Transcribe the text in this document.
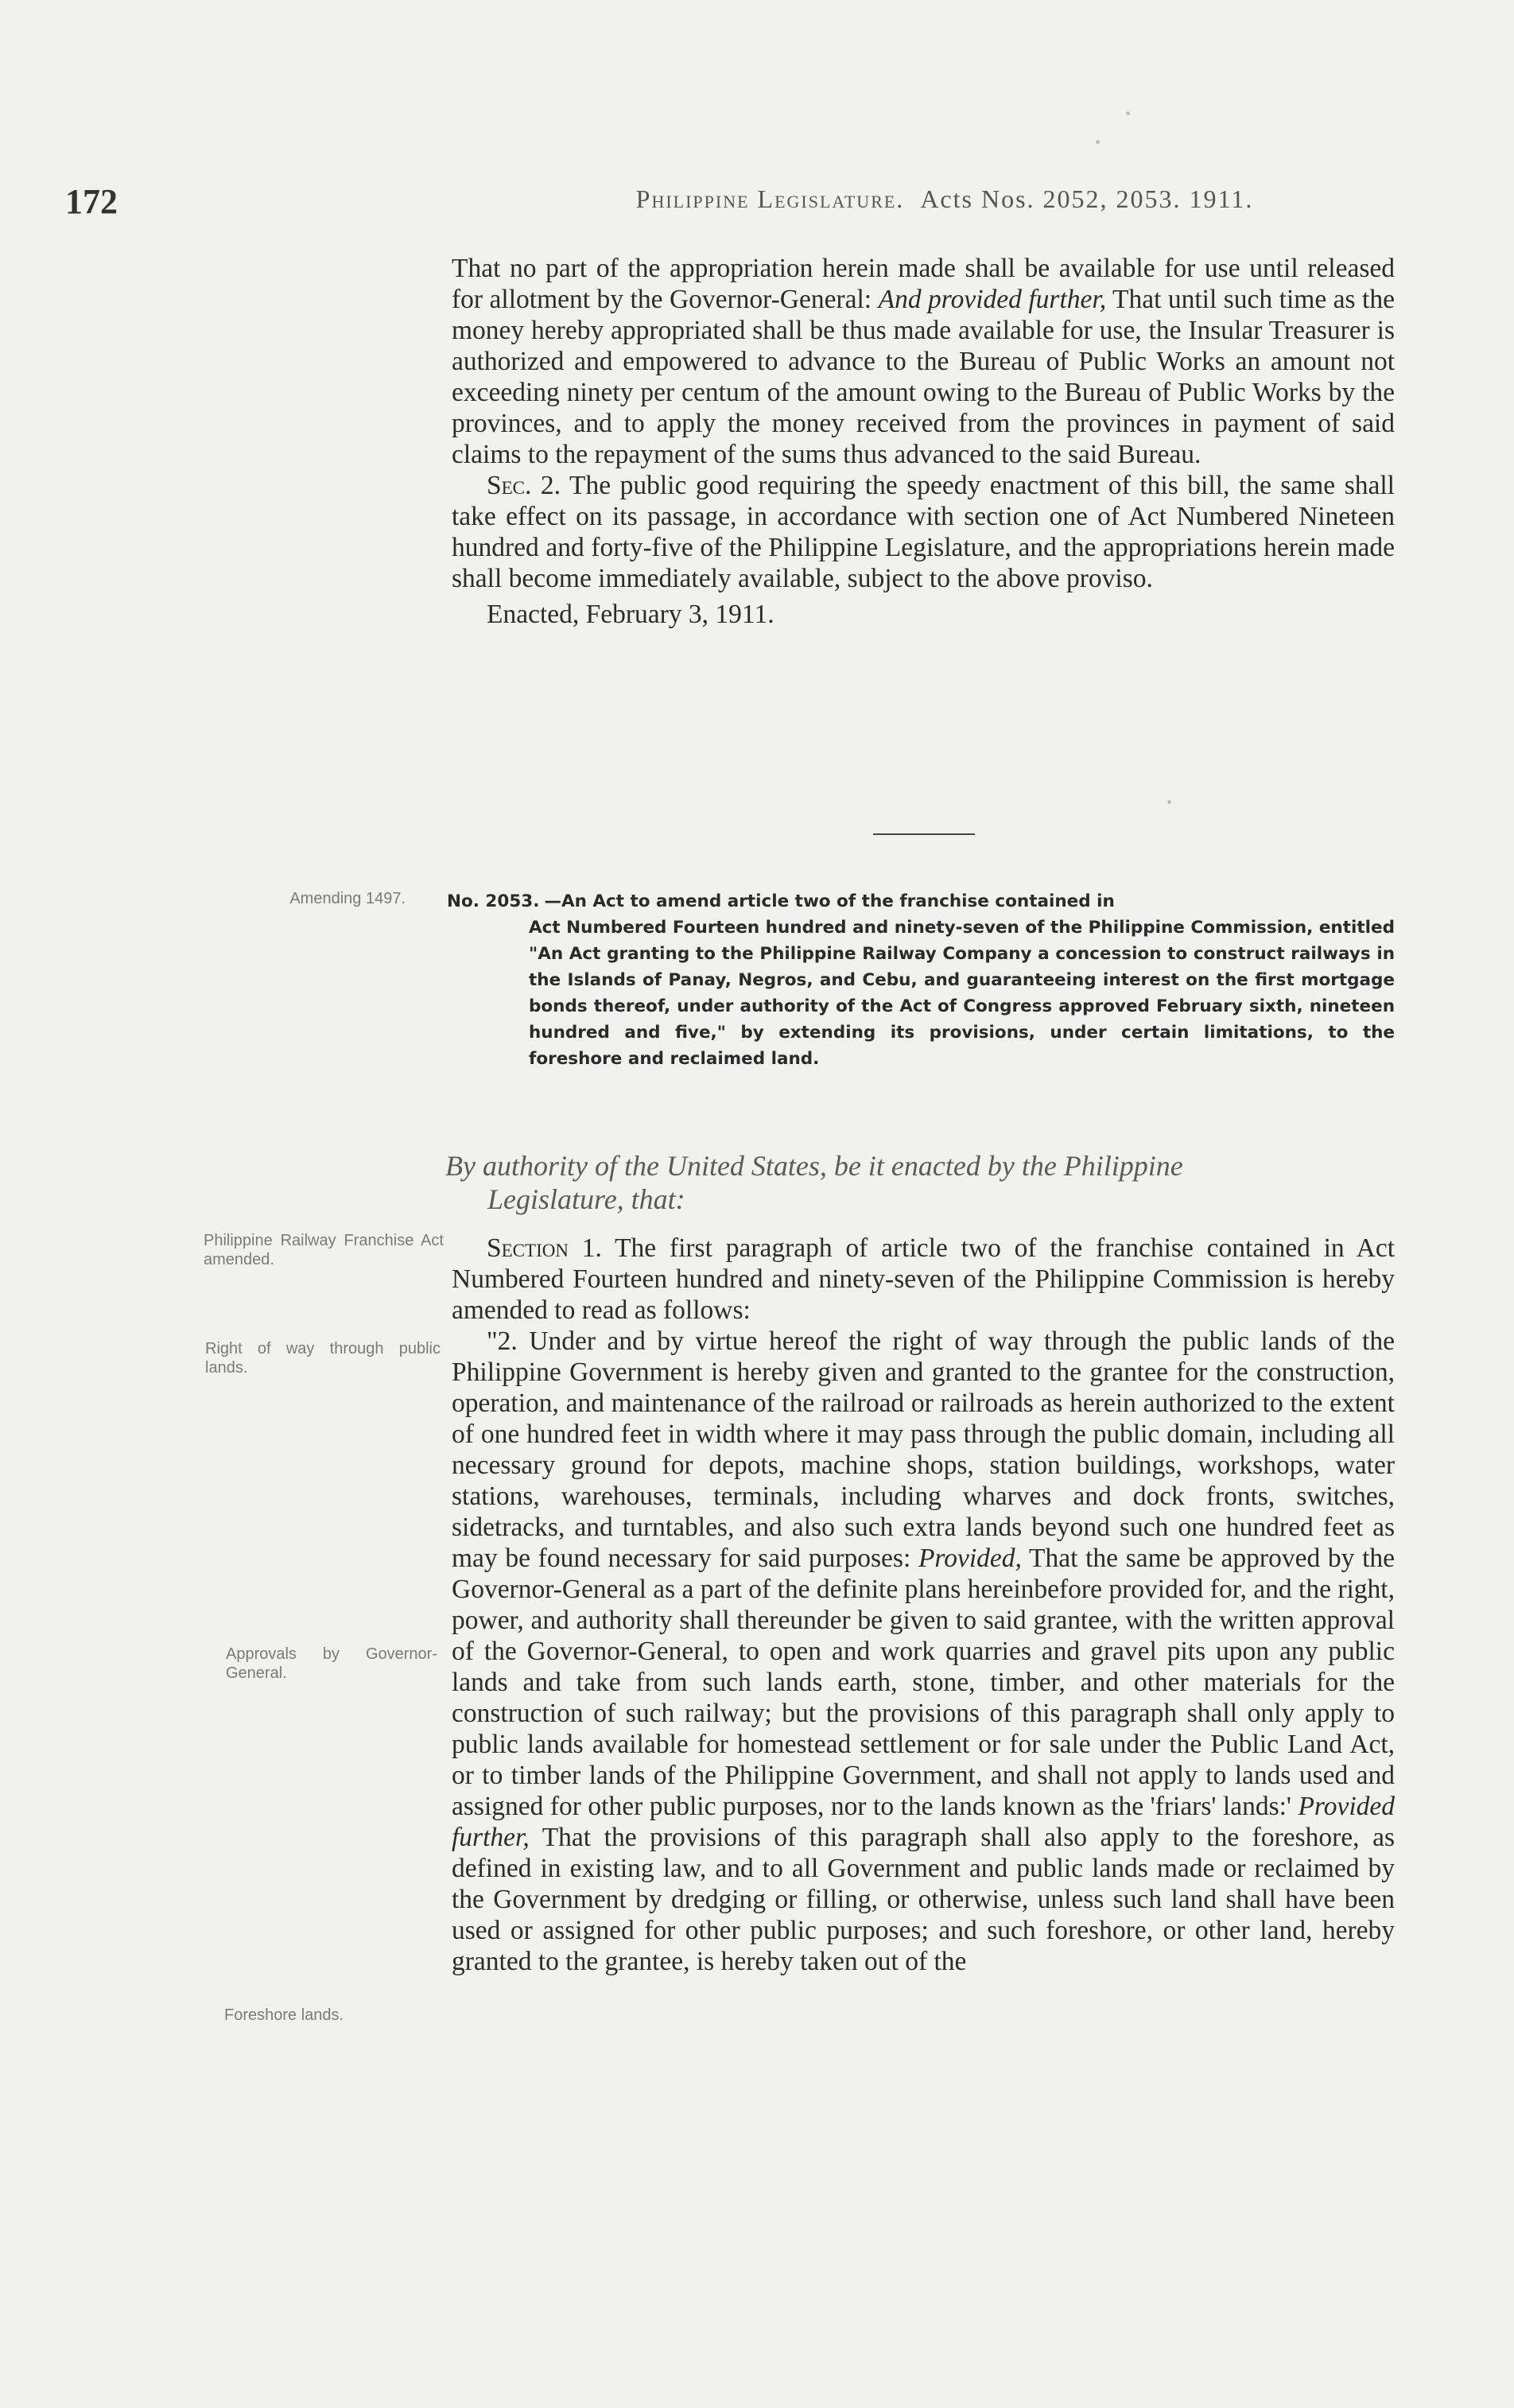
172	Philippine Legislature. Acts Nos. 2052, 2053. 1911.

That no part of the appropriation herein made shall be available for use until released for allotment by the Governor-General: And provided further, That until such time as the money hereby appropriated shall be thus made available for use, the Insular Treasurer is authorized and empowered to advance to the Bureau of Public Works an amount not exceeding ninety per centum of the amount owing to the Bureau of Public Works by the provinces, and to apply the money received from the provinces in payment of said claims to the repayment of the sums thus advanced to the said Bureau.

Sec. 2. The public good requiring the speedy enactment of this bill, the same shall take effect on its passage, in accordance with section one of Act Numbered Nineteen hundred and forty-five of the Philippine Legislature, and the appropriations herein made shall become immediately available, subject to the above proviso.

Enacted, February 3, 1911.

Amending 1497. No. 2053. —An Act to amend article two of the franchise contained in
Act Numbered Fourteen hundred and ninety-seven of the Philippine Commission, entitled "An Act granting to the Philippine Railway Company a concession to construct railways in the Islands of Panay, Negros, and Cebu, and guaranteeing interest on the first mortgage bonds thereof, under authority of the Act of Congress approved February sixth, nineteen hundred and five," by extending its provisions, under certain limitations, to the foreshore and reclaimed land.
By authority of the United States, be it enacted by the Philippine
Legislature, that:
Philippine Railway Franchise Act amended.
Right of way through public lands.
Approvals by Governor-General.
Foreshore lands.

Section 1. The first paragraph of article two of the franchise contained in Act Numbered Fourteen hundred and ninety-seven of the Philippine Commission is hereby amended to read as follows:

"2. Under and by virtue hereof the right of way through the public lands of the Philippine Government is hereby given and granted to the grantee for the construction, operation, and maintenance of the railroad or railroads as herein authorized to the extent of one hundred feet in width where it may pass through the public domain, including all necessary ground for depots, machine shops, station buildings, workshops, water stations, warehouses, terminals, including wharves and dock fronts, switches, sidetracks, and turntables, and also such extra lands beyond such one hundred feet as may be found necessary for said purposes: Provided, That the same be approved by the Governor-General as a part of the definite plans hereinbefore provided for, and the right, power, and authority shall thereunder be given to said grantee, with the written approval of the Governor-General, to open and work quarries and gravel pits upon any public lands and take from such lands earth, stone, timber, and other materials for the construction of such railway; but the provisions of this paragraph shall only apply to public lands available for homestead settlement or for sale under the Public Land Act, or to timber lands of the Philippine Government, and shall not apply to lands used and assigned for other public purposes, nor to the lands known as the 'friars' lands:' Provided further, That the provisions of this paragraph shall also apply to the foreshore, as defined in existing law, and to all Government and public lands made or reclaimed by the Government by dredging or filling, or otherwise, unless such land shall have been used or assigned for other public purposes; and such foreshore, or other land, hereby granted to the grantee, is hereby taken out of the
